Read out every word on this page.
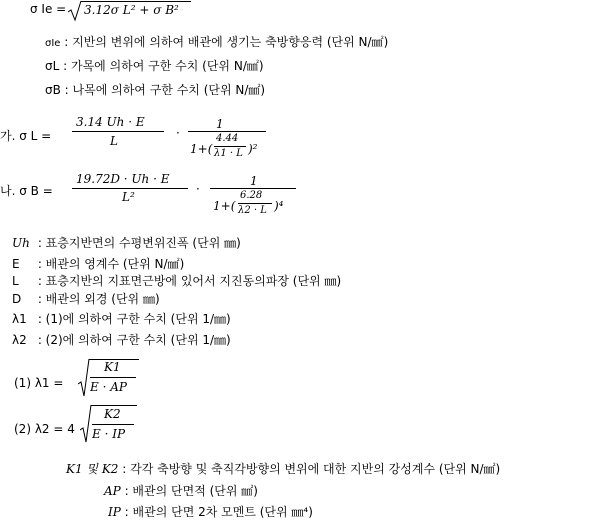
σ Ie = 3.12σ L² + σ B²
σIe : 지반의 변위에 의하여 배관에 생기는 축방향응력 (단위 N/㎟)
σL : 가목에 의하여 구한 수치 (단위 N/㎟)
σB : 나목에 의하여 구한 수치 (단위 N/㎟)
가. σ L =
3.14 Uh · E
L
·
1
1+(
4.44
λ1 · L )²
나. σ B =
19.72D · Uh · E
L²
·
1
1+(
6.28
λ2 · L )⁴
Uh : 표층지반면의 수평변위진폭 (단위 ㎜)
E : 배관의 영계수 (단위 N/㎟)
L : 표층지반의 지표면근방에 있어서 지진동의파장 (단위 ㎜)
D : 배관의 외경 (단위 ㎜)
λ1 : (1)에 의하여 구한 수치 (단위 1/㎜)
λ2 : (2)에 의하여 구한 수치 (단위 1/㎜)
(1) λ1 =
K1
E · AP
(2) λ2 = 4
K2
E · IP
K1 및 K2 : 각각 축방향 및 축직각방향의 변위에 대한 지반의 강성계수 (단위 N/㎟)
AP : 배관의 단면적 (단위 ㎟)
IP : 배관의 단면 2차 모멘트 (단위 ㎜⁴)
